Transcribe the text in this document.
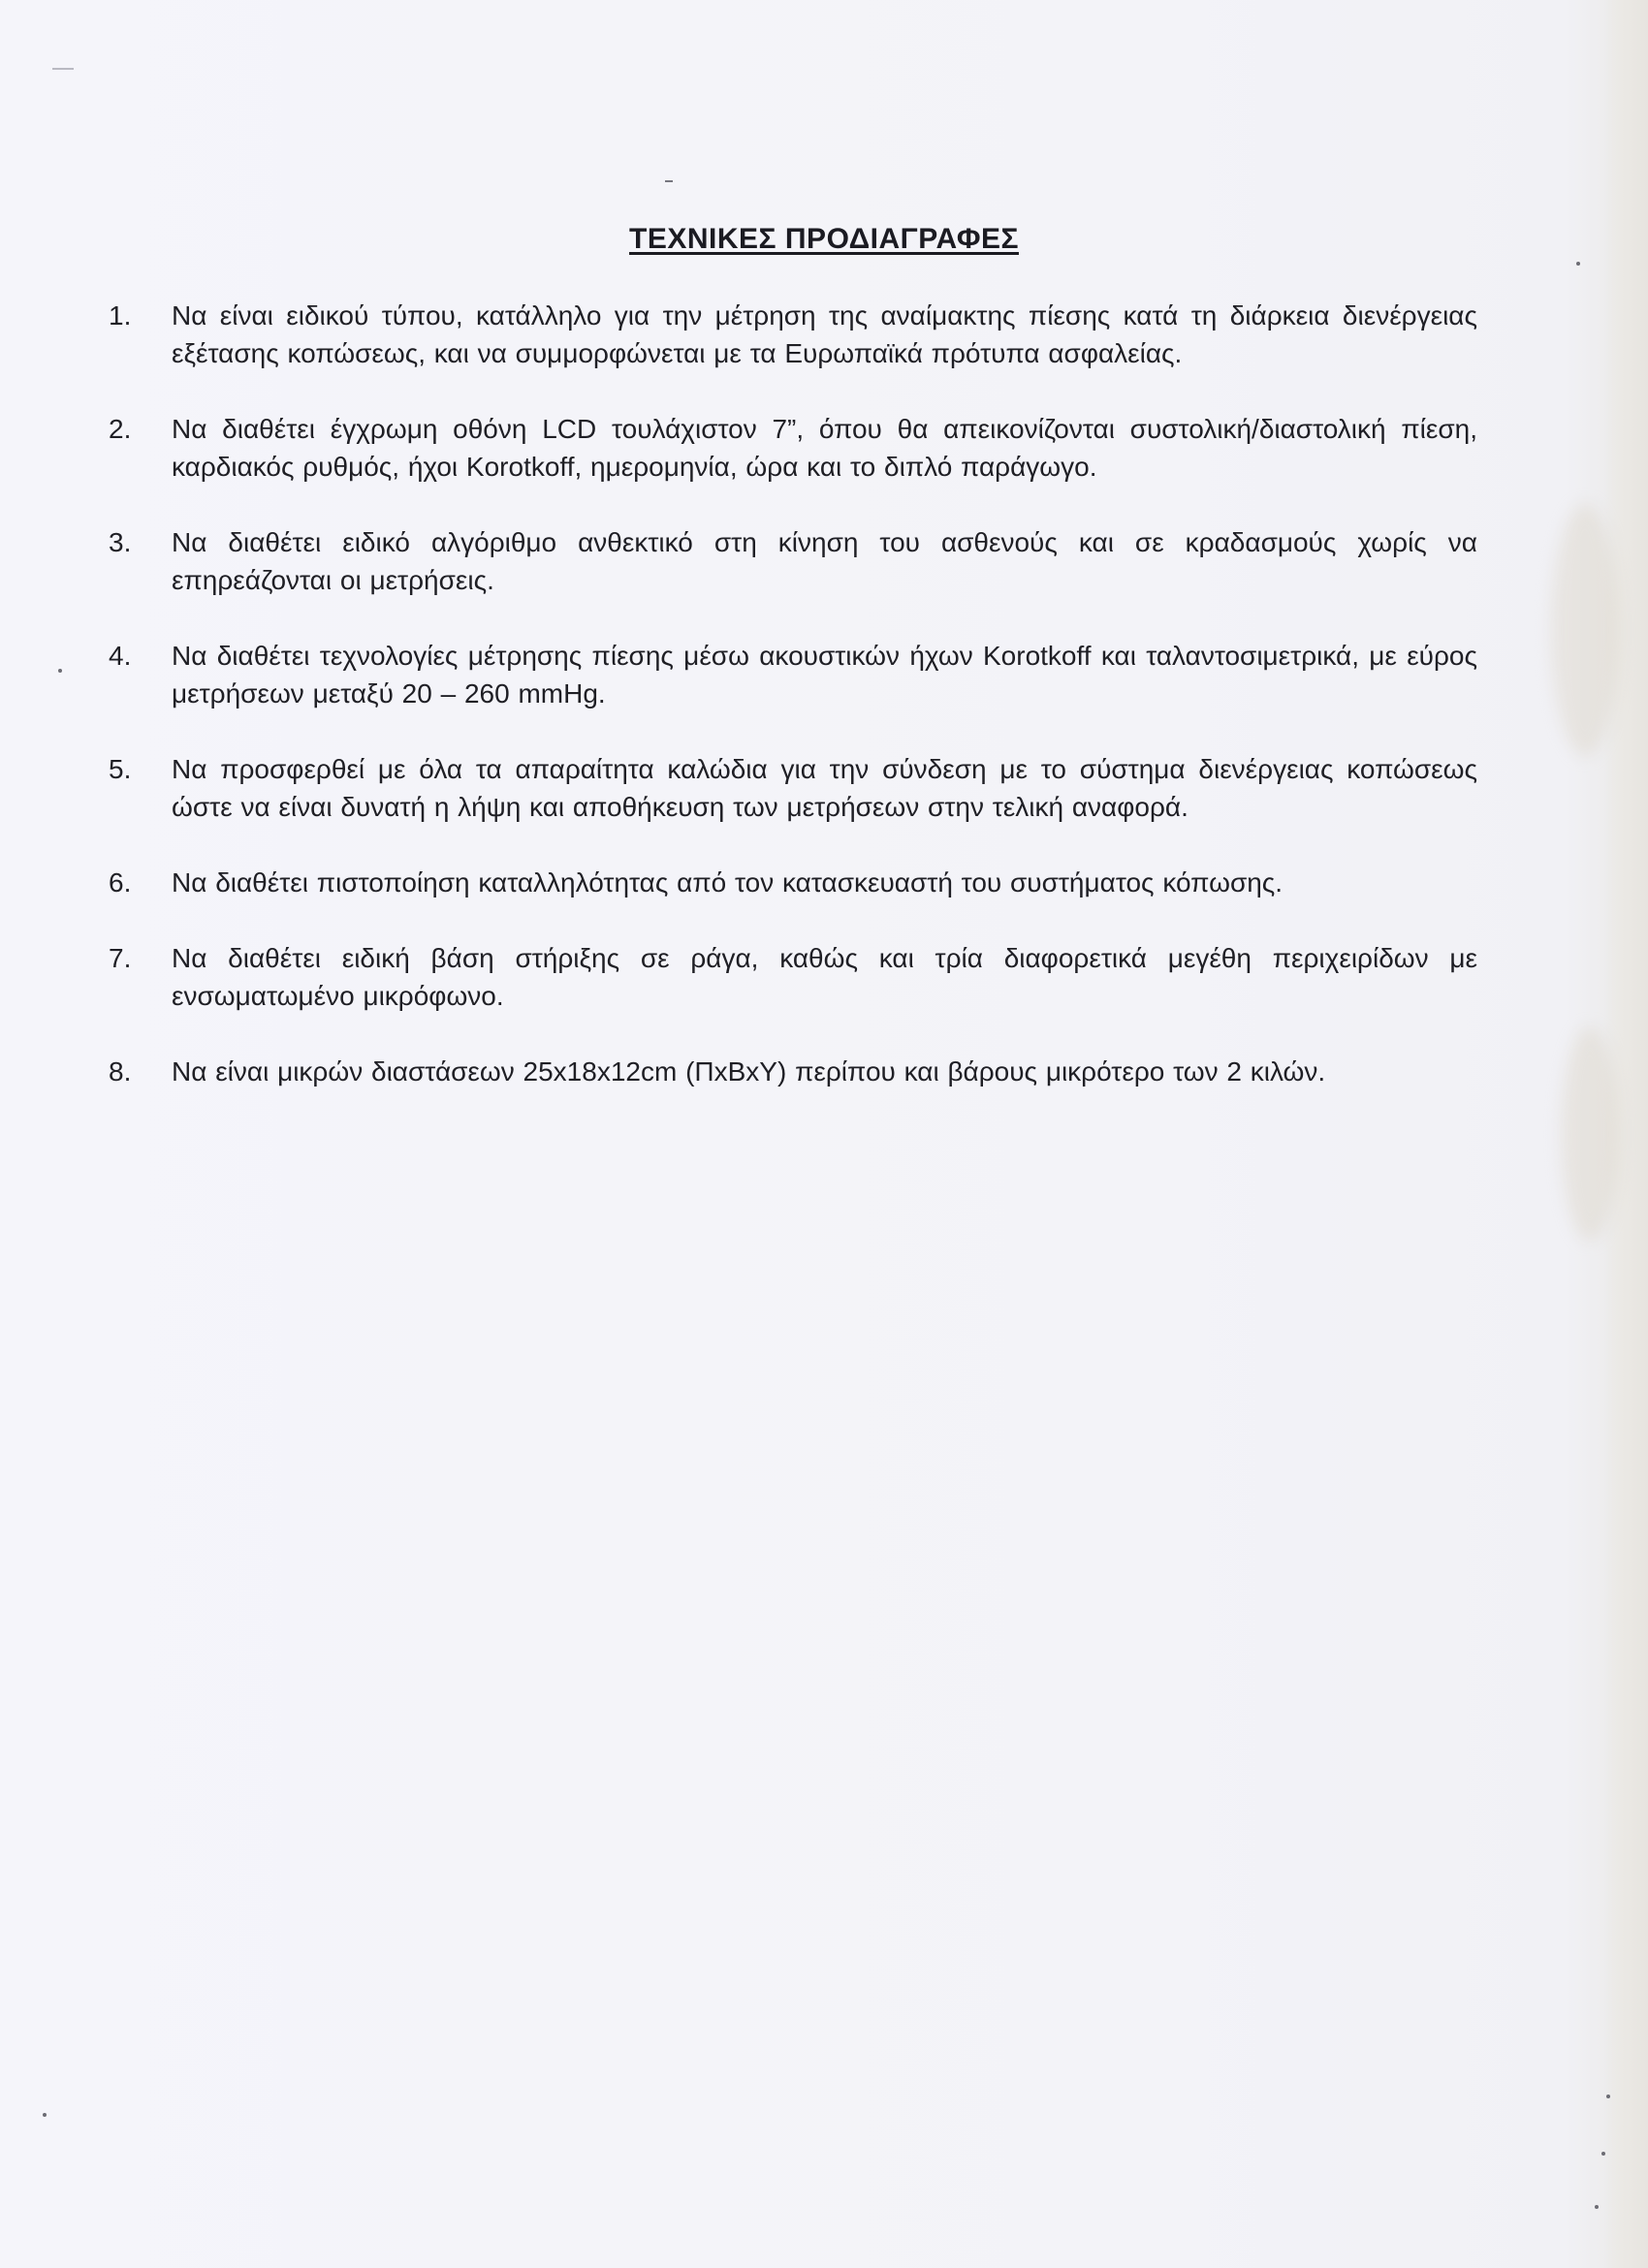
ΤΕΧΝΙΚΕΣ ΠΡΟΔΙΑΓΡΑΦΕΣ
1.	Να είναι ειδικού τύπου, κατάλληλο για την μέτρηση της αναίμακτης πίεσης κατά τη διάρκεια διενέργειας εξέτασης κοπώσεως, και να συμμορφώνεται με τα Ευρωπαϊκά πρότυπα ασφαλείας.
2.	Να διαθέτει έγχρωμη οθόνη LCD τουλάχιστον 7”, όπου θα απεικονίζονται συστολική/διαστολική πίεση, καρδιακός ρυθμός, ήχοι Korotkoff, ημερομηνία, ώρα και το διπλό παράγωγο.
3.	Να διαθέτει ειδικό αλγόριθμο ανθεκτικό στη κίνηση του ασθενούς και σε κραδασμούς χωρίς να επηρεάζονται οι μετρήσεις.
4.	Να διαθέτει τεχνολογίες μέτρησης πίεσης μέσω ακουστικών ήχων Korotkoff και ταλαντοσιμετρικά, με εύρος μετρήσεων μεταξύ 20 – 260 mmHg.
5.	Να προσφερθεί με όλα τα απαραίτητα καλώδια για την σύνδεση με το σύστημα διενέργειας κοπώσεως ώστε να είναι δυνατή η λήψη και αποθήκευση των μετρήσεων στην τελική αναφορά.
6.	Να διαθέτει πιστοποίηση καταλληλότητας από τον κατασκευαστή του συστήματος κόπωσης.
7.	Να διαθέτει ειδική βάση στήριξης σε ράγα, καθώς και τρία διαφορετικά μεγέθη περιχειρίδων με ενσωματωμένο μικρόφωνο.
8.	Να είναι μικρών διαστάσεων 25x18x12cm (ΠxΒxΥ) περίπου και βάρους μικρότερο των 2 κιλών.
